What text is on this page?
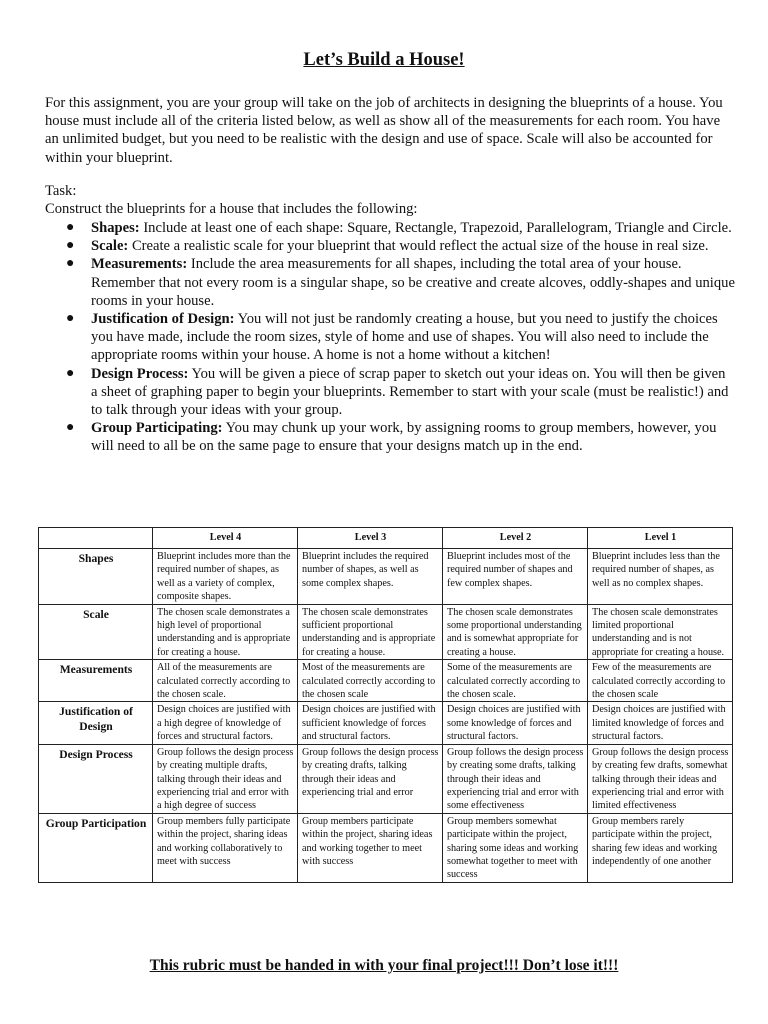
Let’s Build a House!

For this assignment, you are your group will take on the job of architects in designing the blueprints of a house. You house must include all of the criteria listed below, as well as show all of the measurements for each room. You have an unlimited budget, but you need to be realistic with the design and use of space. Scale will also be accounted for within your blueprint.

Task:
Construct the blueprints for a house that includes the following:
● Shapes: Include at least one of each shape: Square, Rectangle, Trapezoid, Parallelogram, Triangle and Circle.
● Scale: Create a realistic scale for your blueprint that would reflect the actual size of the house in real size.
● Measurements: Include the area measurements for all shapes, including the total area of your house. Remember that not every room is a singular shape, so be creative and create alcoves, oddly-shapes and unique rooms in your house.
● Justification of Design: You will not just be randomly creating a house, but you need to justify the choices you have made, include the room sizes, style of home and use of shapes. You will also need to include the appropriate rooms within your house. A home is not a home without a kitchen!
● Design Process: You will be given a piece of scrap paper to sketch out your ideas on. You will then be given a sheet of graphing paper to begin your blueprints. Remember to start with your scale (must be realistic!) and to talk through your ideas with your group.
● Group Participating: You may chunk up your work, by assigning rooms to group members, however, you will need to all be on the same page to ensure that your designs match up in the end.
	Level 4	Level 3	Level 2	Level 1
Shapes	Blueprint includes more than the required number of shapes, as well as a variety of complex, composite shapes.	Blueprint includes the required number of shapes, as well as some complex shapes.	Blueprint includes most of the required number of shapes and few complex shapes.	Blueprint includes less than the required number of shapes, as well as no complex shapes.
Scale	The chosen scale demonstrates a high level of proportional understanding and is appropriate for creating a house.	The chosen scale demonstrates sufficient proportional understanding and is appropriate for creating a house.	The chosen scale demonstrates some proportional understanding and is somewhat appropriate for creating a house.	The chosen scale demonstrates limited proportional understanding and is not appropriate for creating a house.
Measurements	All of the measurements are calculated correctly according to the chosen scale.	Most of the measurements are calculated correctly according to the chosen scale	Some of the measurements are calculated correctly according to the chosen scale.	Few of the measurements are calculated correctly according to the chosen scale
Justification of Design	Design choices are justified with a high degree of knowledge of forces and structural factors.	Design choices are justified with sufficient knowledge of forces and structural factors.	Design choices are justified with some knowledge of forces and structural factors.	Design choices are justified with limited knowledge of forces and structural factors.
Design Process	Group follows the design process by creating multiple drafts, talking through their ideas and experiencing trial and error with a high degree of success	Group follows the design process by creating drafts, talking through their ideas and experiencing trial and error	Group follows the design process by creating some drafts, talking through their ideas and experiencing trial and error with some effectiveness	Group follows the design process by creating few drafts, somewhat talking through their ideas and experiencing trial and error with limited effectiveness
Group Participation	Group members fully participate within the project, sharing ideas and working collaboratively to meet with success	Group members participate within the project, sharing ideas and working together to meet with success	Group members somewhat participate within the project, sharing some ideas and working somewhat together to meet with success	Group members rarely participate within the project, sharing few ideas and working independently of one another
This rubric must be handed in with your final project!!! Don’t lose it!!!
